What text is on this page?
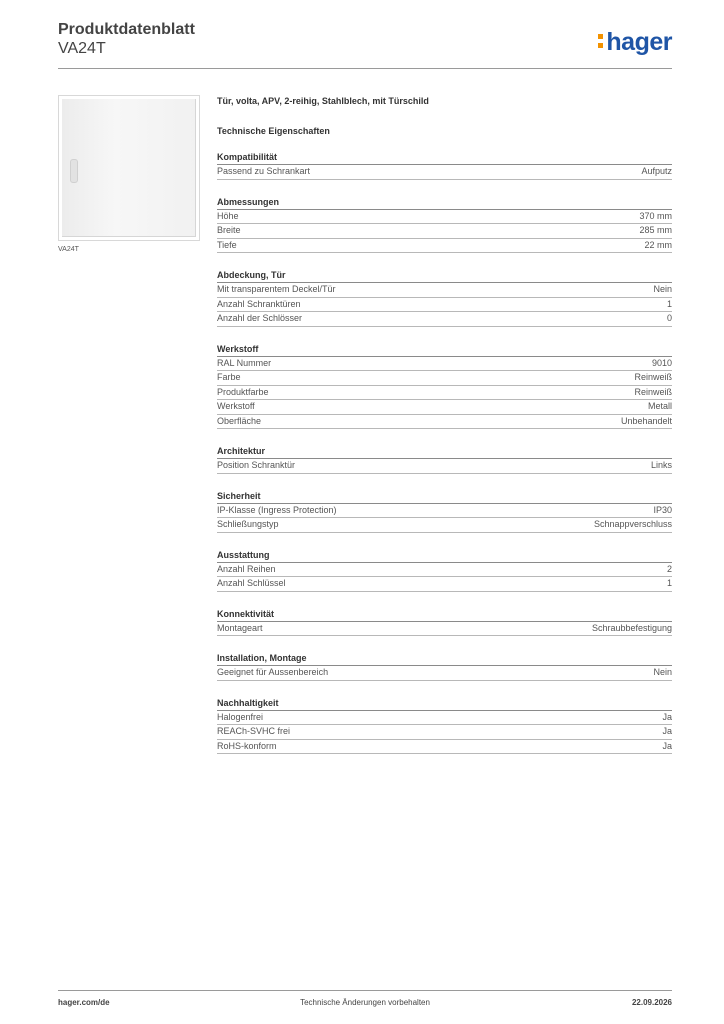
Produktdatenblatt

VA24T	hager
VA24T

Tür, volta, APV, 2-reihig, Stahlblech, mit Türschild

Technische Eigenschaften

Kompatibilität
Passend zu Schrankart	Aufputz
Abmessungen
Höhe	370 mm
Breite	285 mm
Tiefe	22 mm
Abdeckung, Tür
Mit transparentem Deckel/Tür	Nein
Anzahl Schranktüren	1
Anzahl der Schlösser	0
Werkstoff
RAL Nummer	9010
Farbe	Reinweiß
Produktfarbe	Reinweiß
Werkstoff	Metall
Oberfläche	Unbehandelt
Architektur
Position Schranktür	Links
Sicherheit
IP-Klasse (Ingress Protection)	IP30
Schließungstyp	Schnappverschluss
Ausstattung
Anzahl Reihen	2
Anzahl Schlüssel	1
Konnektivität
Montageart	Schraubbefestigung
Installation, Montage
Geeignet für Aussenbereich	Nein
Nachhaltigkeit
Halogenfrei	Ja
REACh-SVHC frei	Ja
RoHS-konform	Ja
hager.com/de	Technische Änderungen vorbehalten	22.09.2026
